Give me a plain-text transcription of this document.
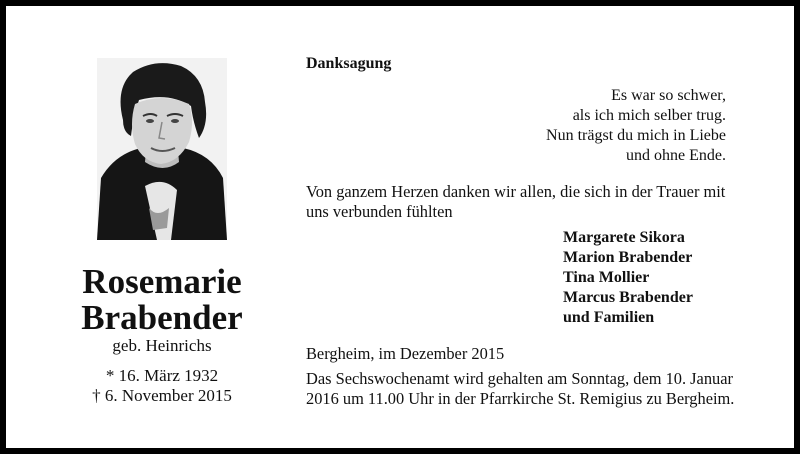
Rosemarie
Brabender
geb. Heinrichs
* 16. März 1932
† 6. November 2015
Danksagung
Es war so schwer,
als ich mich selber trug.
Nun trägst du mich in Liebe
und ohne Ende.
Von ganzem Herzen danken wir allen, die sich in der Trauer mit
uns verbunden fühlten
Margarete Sikora
Marion Brabender
Tina Mollier
Marcus Brabender
und Familien
Bergheim, im Dezember 2015
Das Sechswochenamt wird gehalten am Sonntag, dem 10. Januar
2016 um 11.00 Uhr in der Pfarrkirche St. Remigius zu Bergheim.
